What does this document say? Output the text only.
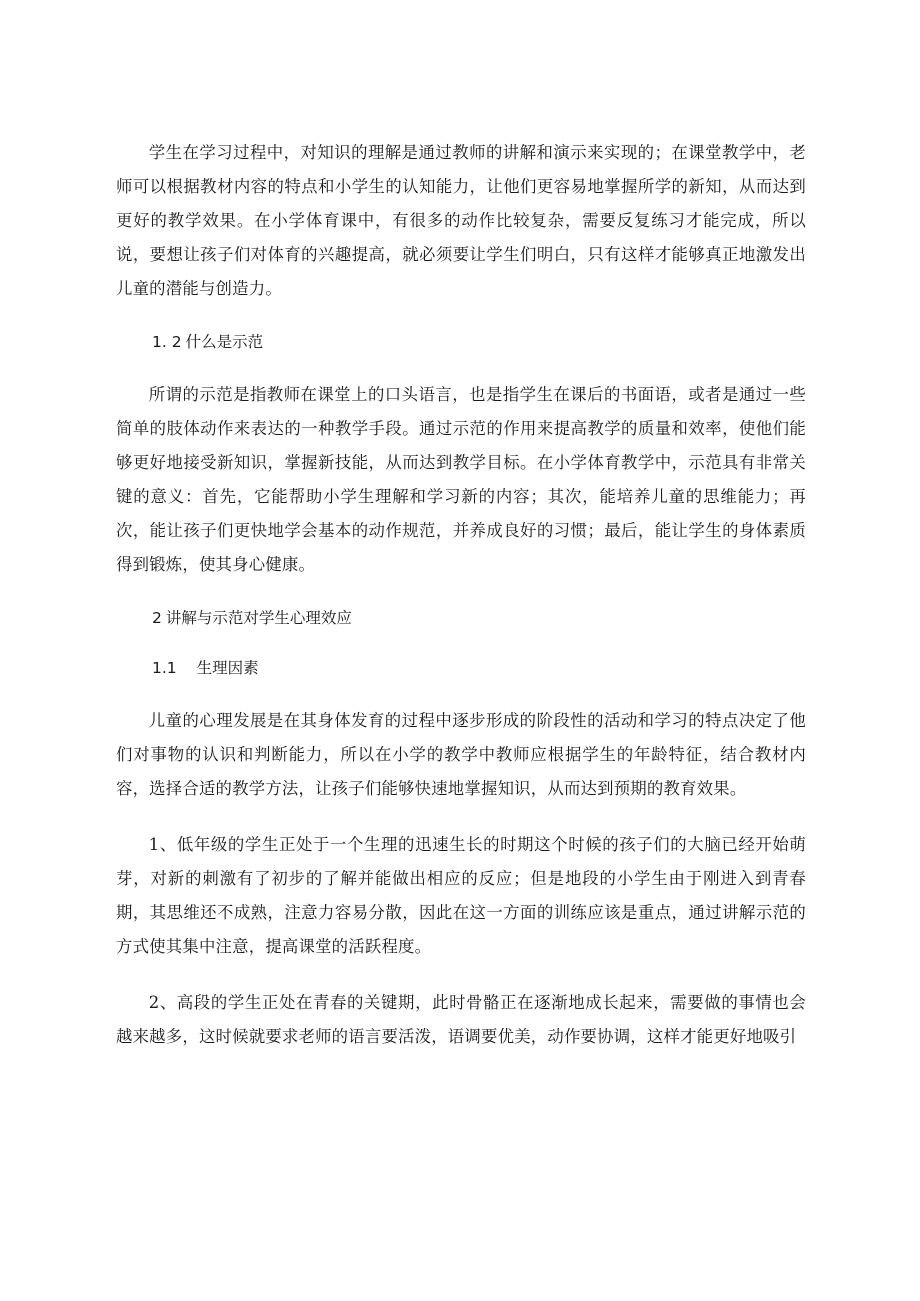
学生在学习过程中，对知识的理解是通过教师的讲解和演示来实现的；在课堂教学中，老师可以根据教材内容的特点和小学生的认知能力，让他们更容易地掌握所学的新知，从而达到更好的教学效果。在小学体育课中，有很多的动作比较复杂，需要反复练习才能完成，所以说，要想让孩子们对体育的兴趣提高，就必须要让学生们明白，只有这样才能够真正地激发出儿童的潜能与创造力。

1. 2 什么是示范

所谓的示范是指教师在课堂上的口头语言，也是指学生在课后的书面语，或者是通过一些简单的肢体动作来表达的一种教学手段。通过示范的作用来提高教学的质量和效率，使他们能够更好地接受新知识，掌握新技能，从而达到教学目标。在小学体育教学中，示范具有非常关键的意义：首先，它能帮助小学生理解和学习新的内容；其次，能培养儿童的思维能力；再次，能让孩子们更快地学会基本的动作规范，并养成良好的习惯；最后，能让学生的身体素质得到锻炼，使其身心健康。

2 讲解与示范对学生心理效应
1.1 生理因素

儿童的心理发展是在其身体发育的过程中逐步形成的阶段性的活动和学习的特点决定了他们对事物的认识和判断能力，所以在小学的教学中教师应根据学生的年龄特征，结合教材内容，选择合适的教学方法，让孩子们能够快速地掌握知识，从而达到预期的教育效果。

1、低年级的学生正处于一个生理的迅速生长的时期这个时候的孩子们的大脑已经开始萌芽，对新的刺激有了初步的了解并能做出相应的反应；但是地段的小学生由于刚进入到青春期，其思维还不成熟，注意力容易分散，因此在这一方面的训练应该是重点，通过讲解示范的方式使其集中注意，提高课堂的活跃程度。

2、高段的学生正处在青春的关键期，此时骨骼正在逐渐地成长起来，需要做的事情也会越来越多，这时候就要求老师的语言要活泼，语调要优美，动作要协调，这样才能更好地吸引
